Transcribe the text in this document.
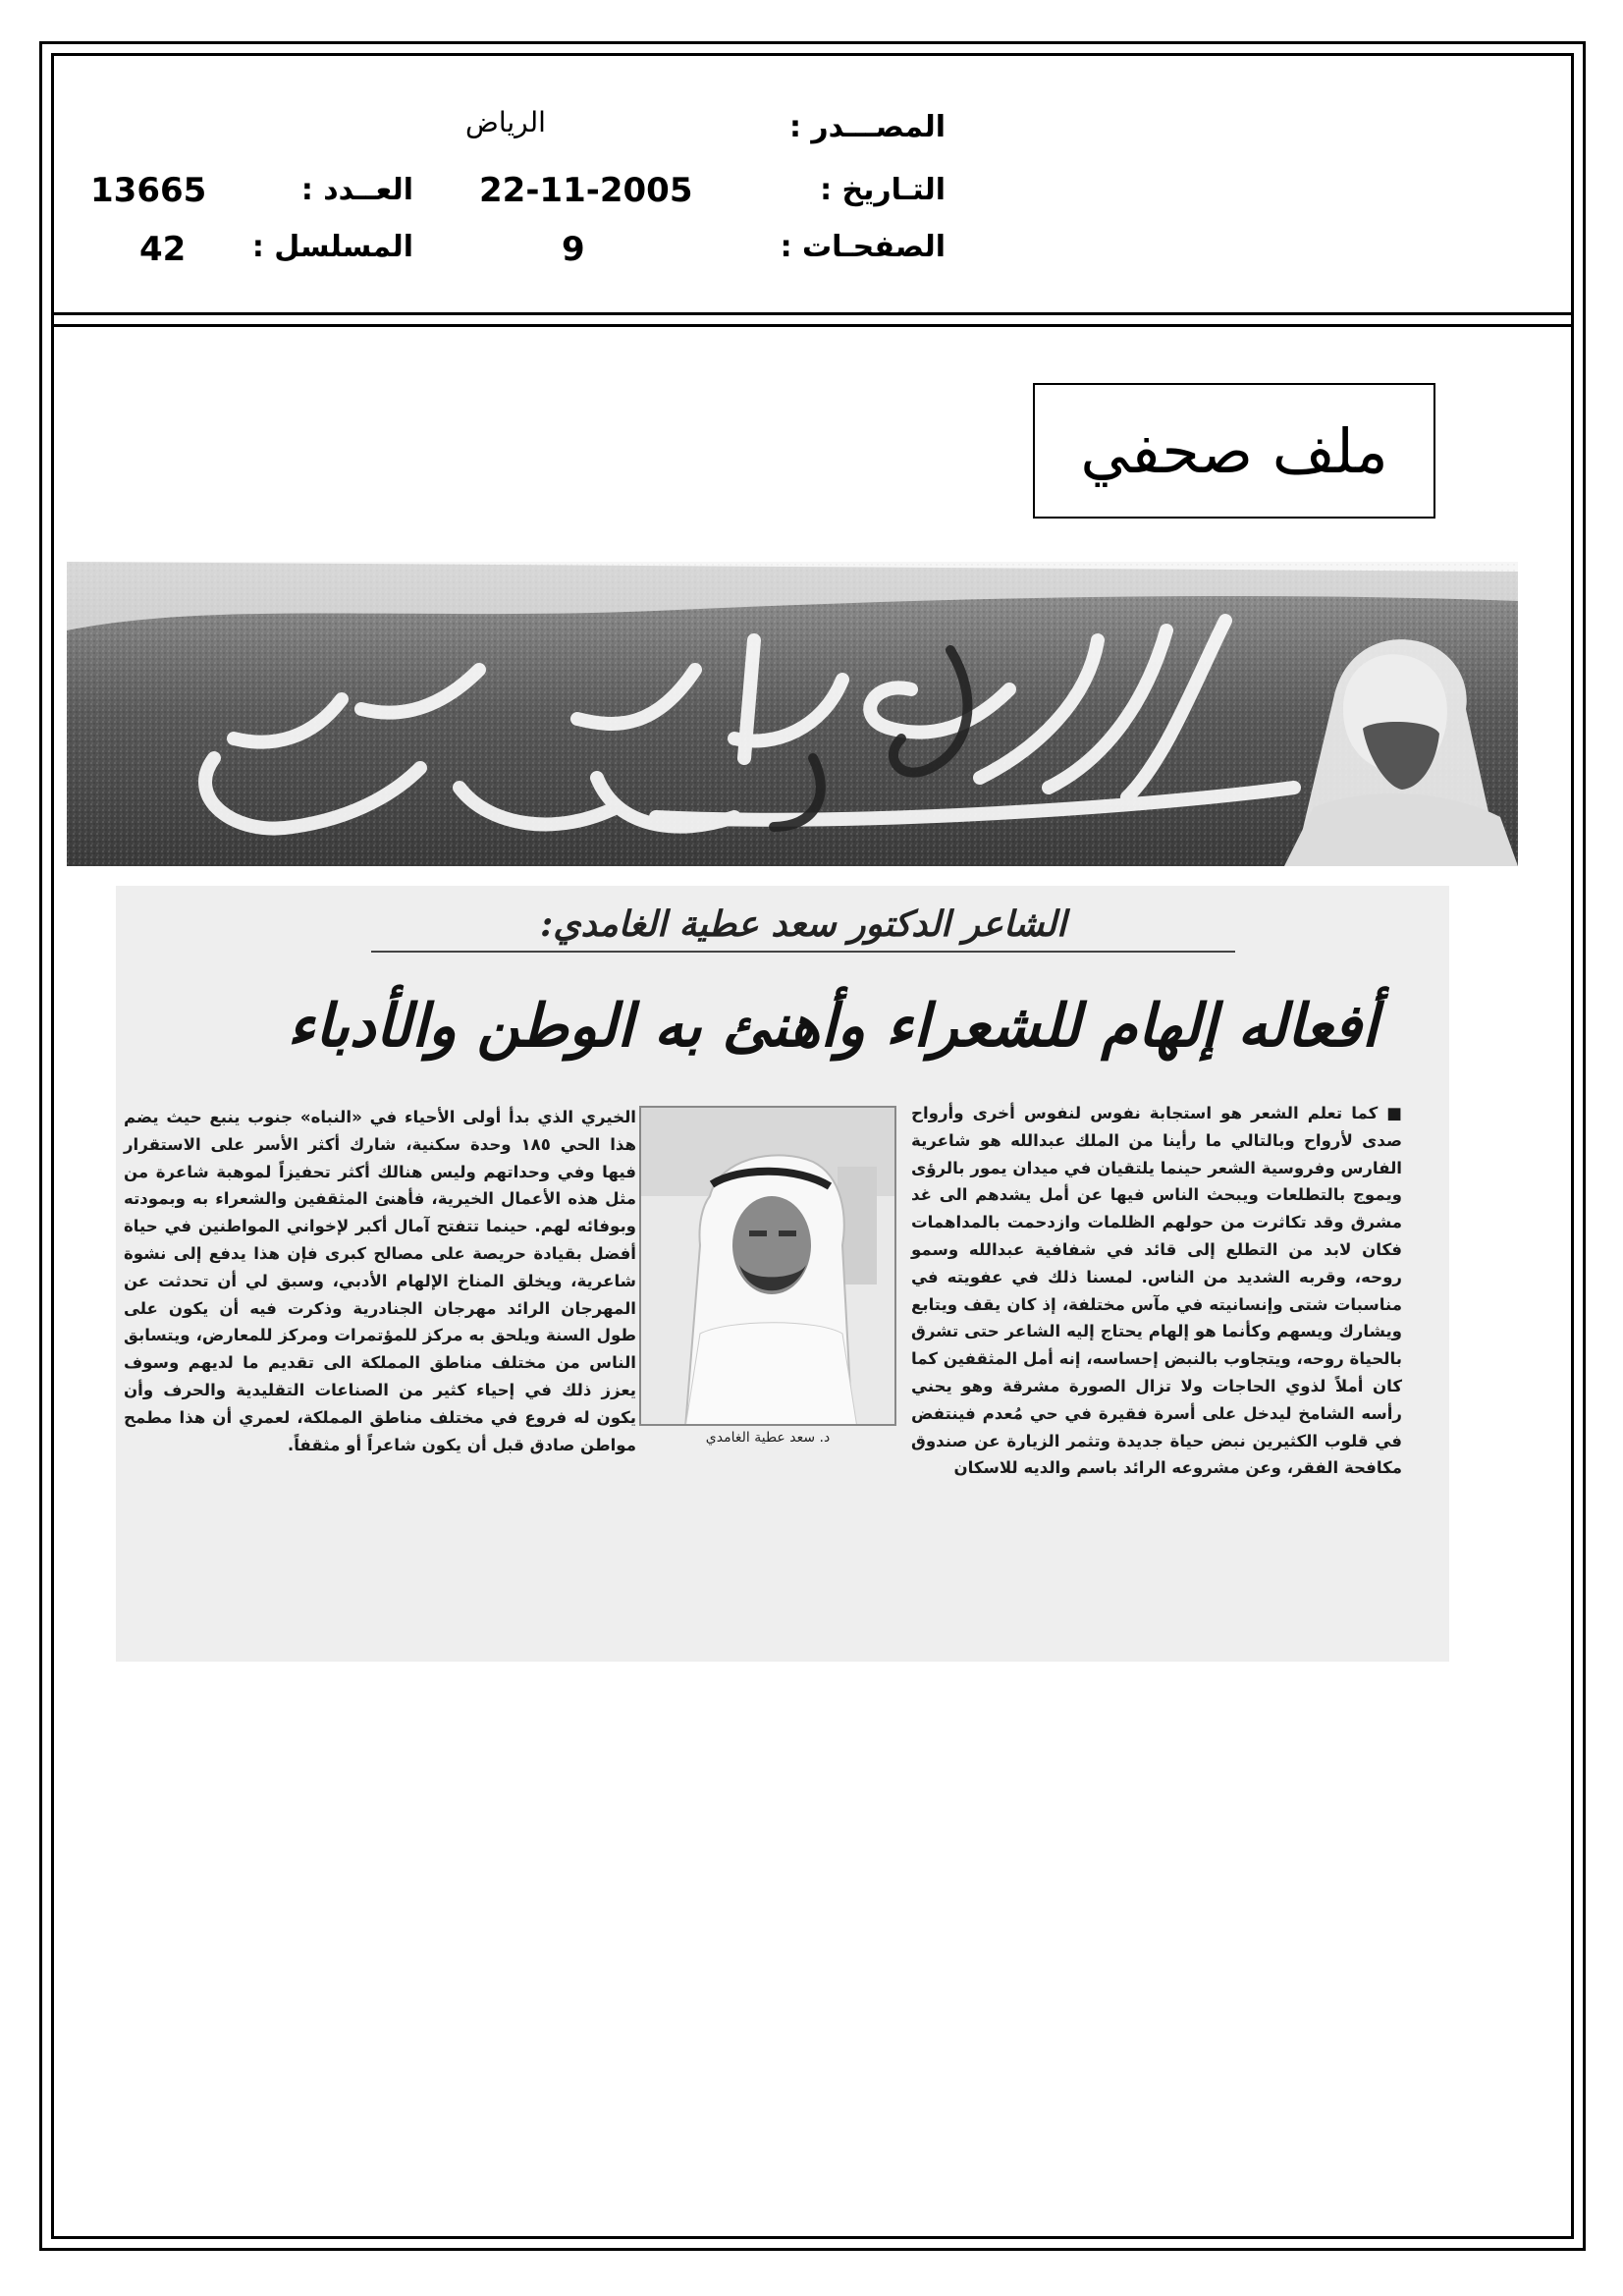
المصـــدر :
الرياض
التـاريخ :
22-11-2005
الصفحـات :
9
العــدد :
13665
المسلسل :
42
ملف صحفي
الشاعر الدكتور سعد عطية الغامدي:
أفعاله إلهام للشعراء وأهنئ به الوطن والأدباء
■ كما تعلم الشعر هو استجابة نفوس لنفوس أخرى وأرواح صدى لأرواح وبالتالي ما رأينا من الملك عبدالله هو شاعرية الفارس وفروسية الشعر حينما يلتقيان في ميدان يمور بالرؤى ويموج بالتطلعات ويبحث الناس فيها عن أمل يشدهم الى غد مشرق وقد تكاثرت من حولهم الظلمات وازدحمت بالمداهمات فكان لابد من التطلع إلى قائد في شفافية عبدالله وسمو روحه، وقربه الشديد من الناس. لمسنا ذلك في عفويته في مناسبات شتى وإنسانيته في مآس مختلفة، إذ كان يقف ويتابع ويشارك ويسهم وكأنما هو إلهام يحتاج إليه الشاعر حتى تشرق بالحياة روحه، ويتجاوب بالنبض إحساسه، إنه أمل المثقفين كما كان أملاً لذوي الحاجات ولا تزال الصورة مشرقة وهو يحني رأسه الشامخ ليدخل على أسرة فقيرة في حي مُعدم فينتفض في قلوب الكثيرين نبض حياة جديدة وتثمر الزيارة عن صندوق مكافحة الفقر، وعن مشروعه الرائد باسم والديه للاسكان
د. سعد عطية الغامدي
الخيري الذي بدأ أولى الأحياء في «النباه» جنوب ينبع حيث يضم هذا الحي ١٨٥ وحدة سكنية، شارك أكثر الأسر على الاستقرار فيها وفي وحداتهم وليس هنالك أكثر تحفيزاً لموهبة شاعرة من مثل هذه الأعمال الخيرية، فأهنئ المثقفين والشعراء به وبمودته وبوفائه لهم. حينما تتفتح آمال أكبر لإخواني المواطنين في حياة أفضل بقيادة حريصة على مصالح كبرى فإن هذا يدفع إلى نشوة شاعرية، ويخلق المناخ الإلهام الأدبي، وسبق لي أن تحدثت عن المهرجان الرائد مهرجان الجنادرية وذكرت فيه أن يكون على طول السنة ويلحق به مركز للمؤتمرات ومركز للمعارض، ويتسابق الناس من مختلف مناطق المملكة الى تقديم ما لديهم وسوف يعزز ذلك في إحياء كثير من الصناعات التقليدية والحرف وأن يكون له فروع في مختلف مناطق المملكة، لعمري أن هذا مطمح مواطن صادق قبل أن يكون شاعراً أو مثقفاً.
